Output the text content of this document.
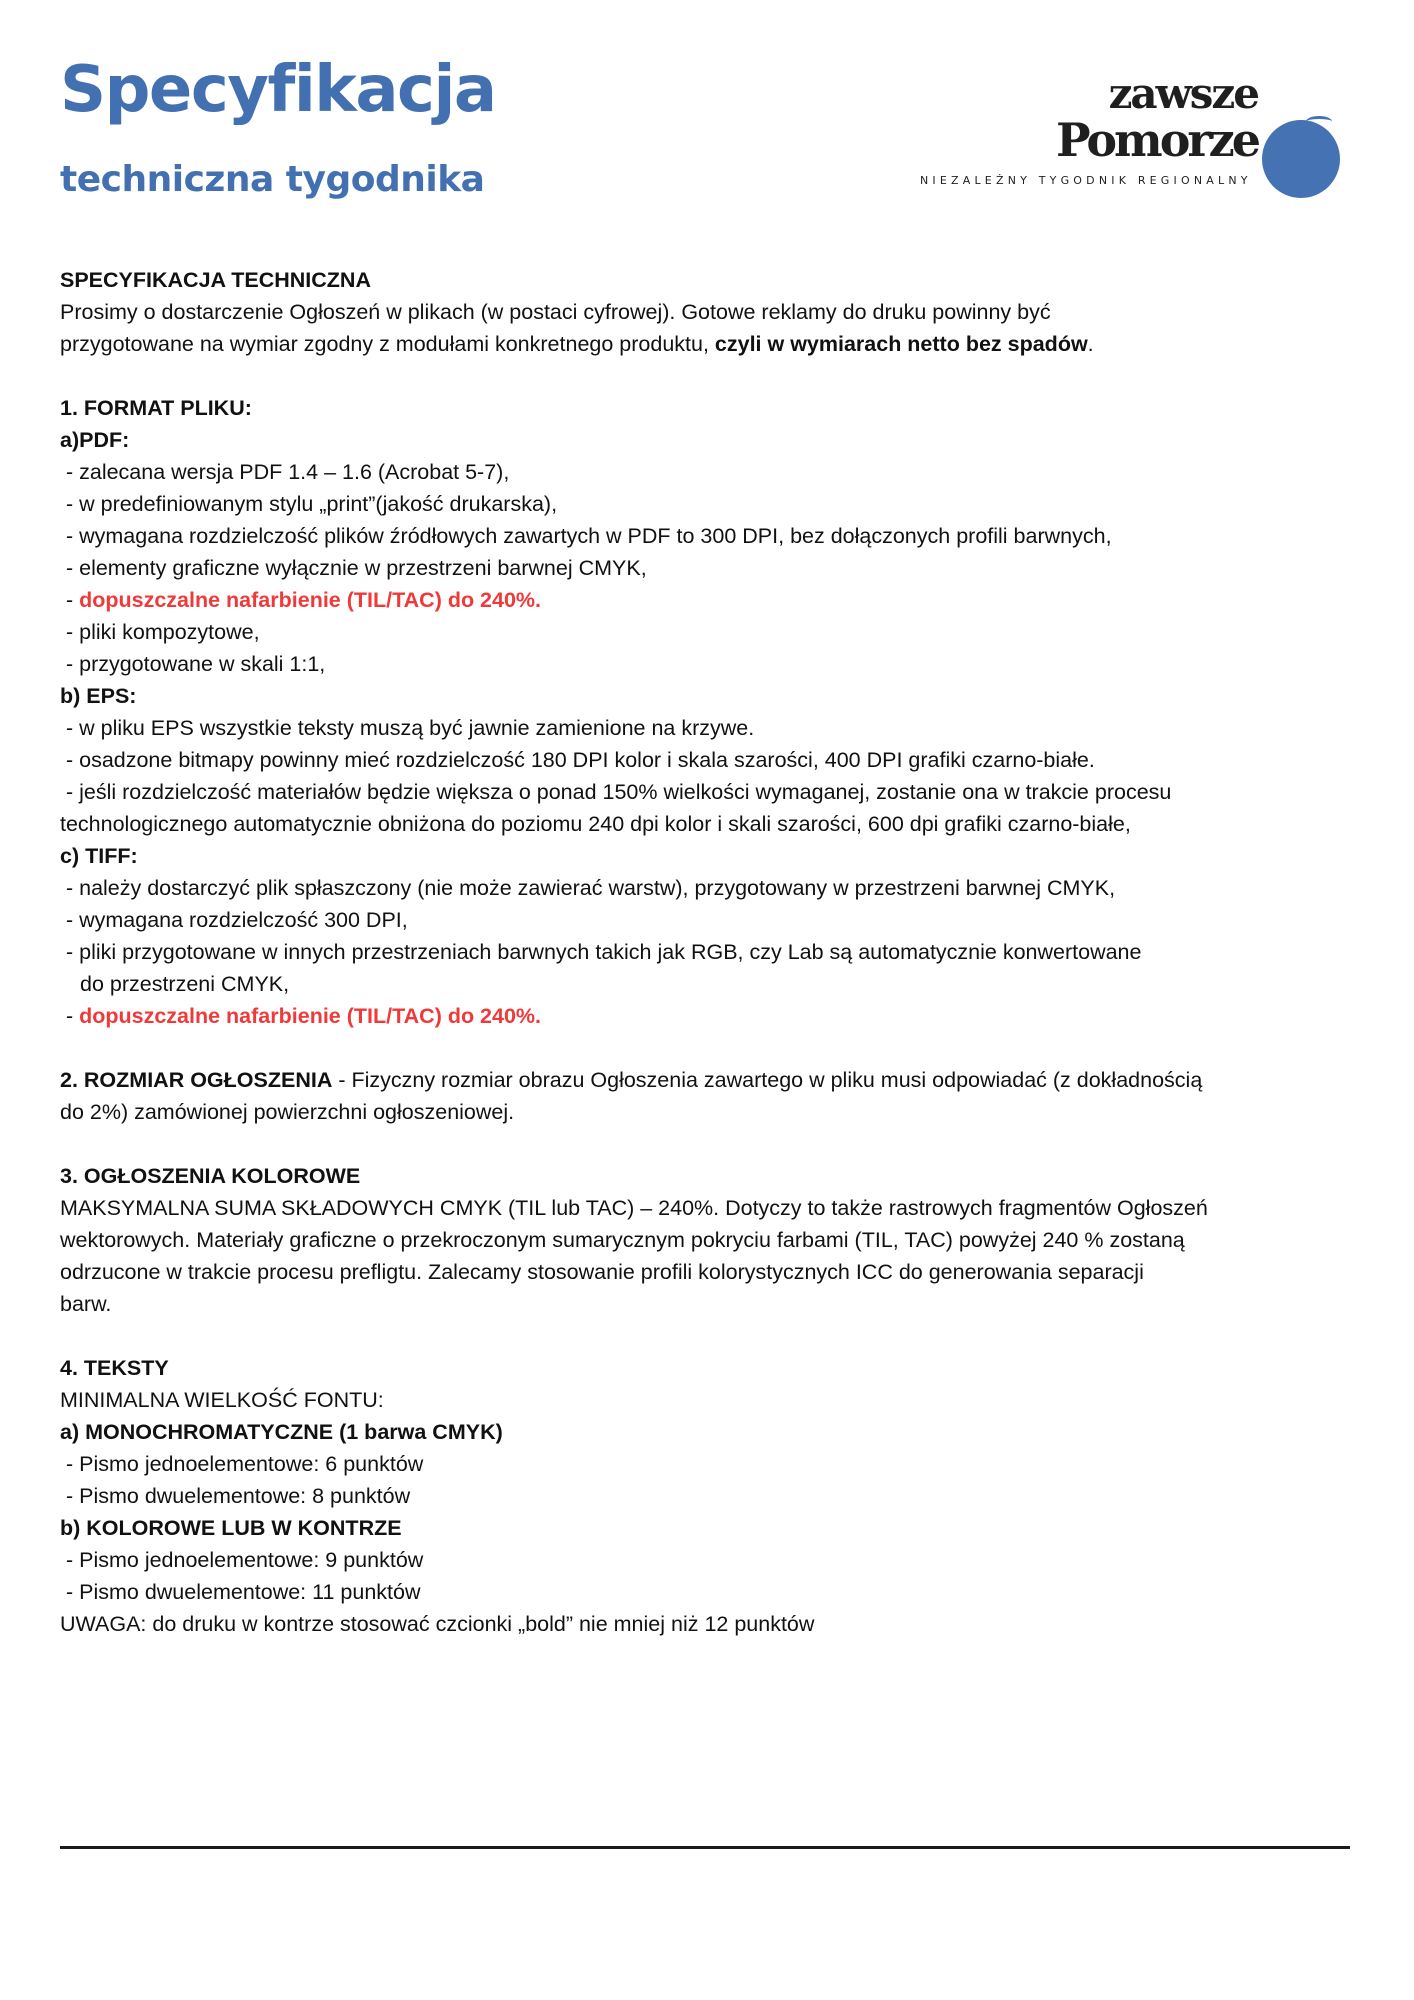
Specyfikacja
techniczna tygodnika
zawsze
Pomorze
NIEZALEŻNY TYGODNIK REGIONALNY

SPECYFIKACJA TECHNICZNA

Prosimy o dostarczenie Ogłoszeń w plikach (w postaci cyfrowej). Gotowe reklamy do druku powinny być

przygotowane na wymiar zgodny z modułami konkretnego produktu, czyli w wymiarach netto bez spadów.

1. FORMAT PLIKU:

a)PDF:

- zalecana wersja PDF 1.4 – 1.6 (Acrobat 5-7),

- w predefiniowanym stylu „print”(jakość drukarska),

- wymagana rozdzielczość plików źródłowych zawartych w PDF to 300 DPI, bez dołączonych profili barwnych,

- elementy graficzne wyłącznie w przestrzeni barwnej CMYK,

- dopuszczalne nafarbienie (TIL/TAC) do 240%.

- pliki kompozytowe,

- przygotowane w skali 1:1,

b) EPS:

- w pliku EPS wszystkie teksty muszą być jawnie zamienione na krzywe.

- osadzone bitmapy powinny mieć rozdzielczość 180 DPI kolor i skala szarości, 400 DPI grafiki czarno-białe.

- jeśli rozdzielczość materiałów będzie większa o ponad 150% wielkości wymaganej, zostanie ona w trakcie procesu

technologicznego automatycznie obniżona do poziomu 240 dpi kolor i skali szarości, 600 dpi grafiki czarno-białe,

c) TIFF:

- należy dostarczyć plik spłaszczony (nie może zawierać warstw), przygotowany w przestrzeni barwnej CMYK,

- wymagana rozdzielczość 300 DPI,

- pliki przygotowane w innych przestrzeniach barwnych takich jak RGB, czy Lab są automatycznie konwertowane

do przestrzeni CMYK,

- dopuszczalne nafarbienie (TIL/TAC) do 240%.

2. ROZMIAR OGŁOSZENIA - Fizyczny rozmiar obrazu Ogłoszenia zawartego w pliku musi odpowiadać (z dokładnością

do 2%) zamówionej powierzchni ogłoszeniowej.

3. OGŁOSZENIA KOLOROWE

MAKSYMALNA SUMA SKŁADOWYCH CMYK (TIL lub TAC) – 240%. Dotyczy to także rastrowych fragmentów Ogłoszeń

wektorowych. Materiały graficzne o przekroczonym sumarycznym pokryciu farbami (TIL, TAC) powyżej 240 % zostaną

odrzucone w trakcie procesu prefligtu. Zalecamy stosowanie profili kolorystycznych ICC do generowania separacji

barw.

4. TEKSTY

MINIMALNA WIELKOŚĆ FONTU:

a) MONOCHROMATYCZNE (1 barwa CMYK)

- Pismo jednoelementowe: 6 punktów

- Pismo dwuelementowe: 8 punktów

b) KOLOROWE LUB W KONTRZE

- Pismo jednoelementowe: 9 punktów

- Pismo dwuelementowe: 11 punktów

UWAGA: do druku w kontrze stosować czcionki „bold” nie mniej niż 12 punktów
